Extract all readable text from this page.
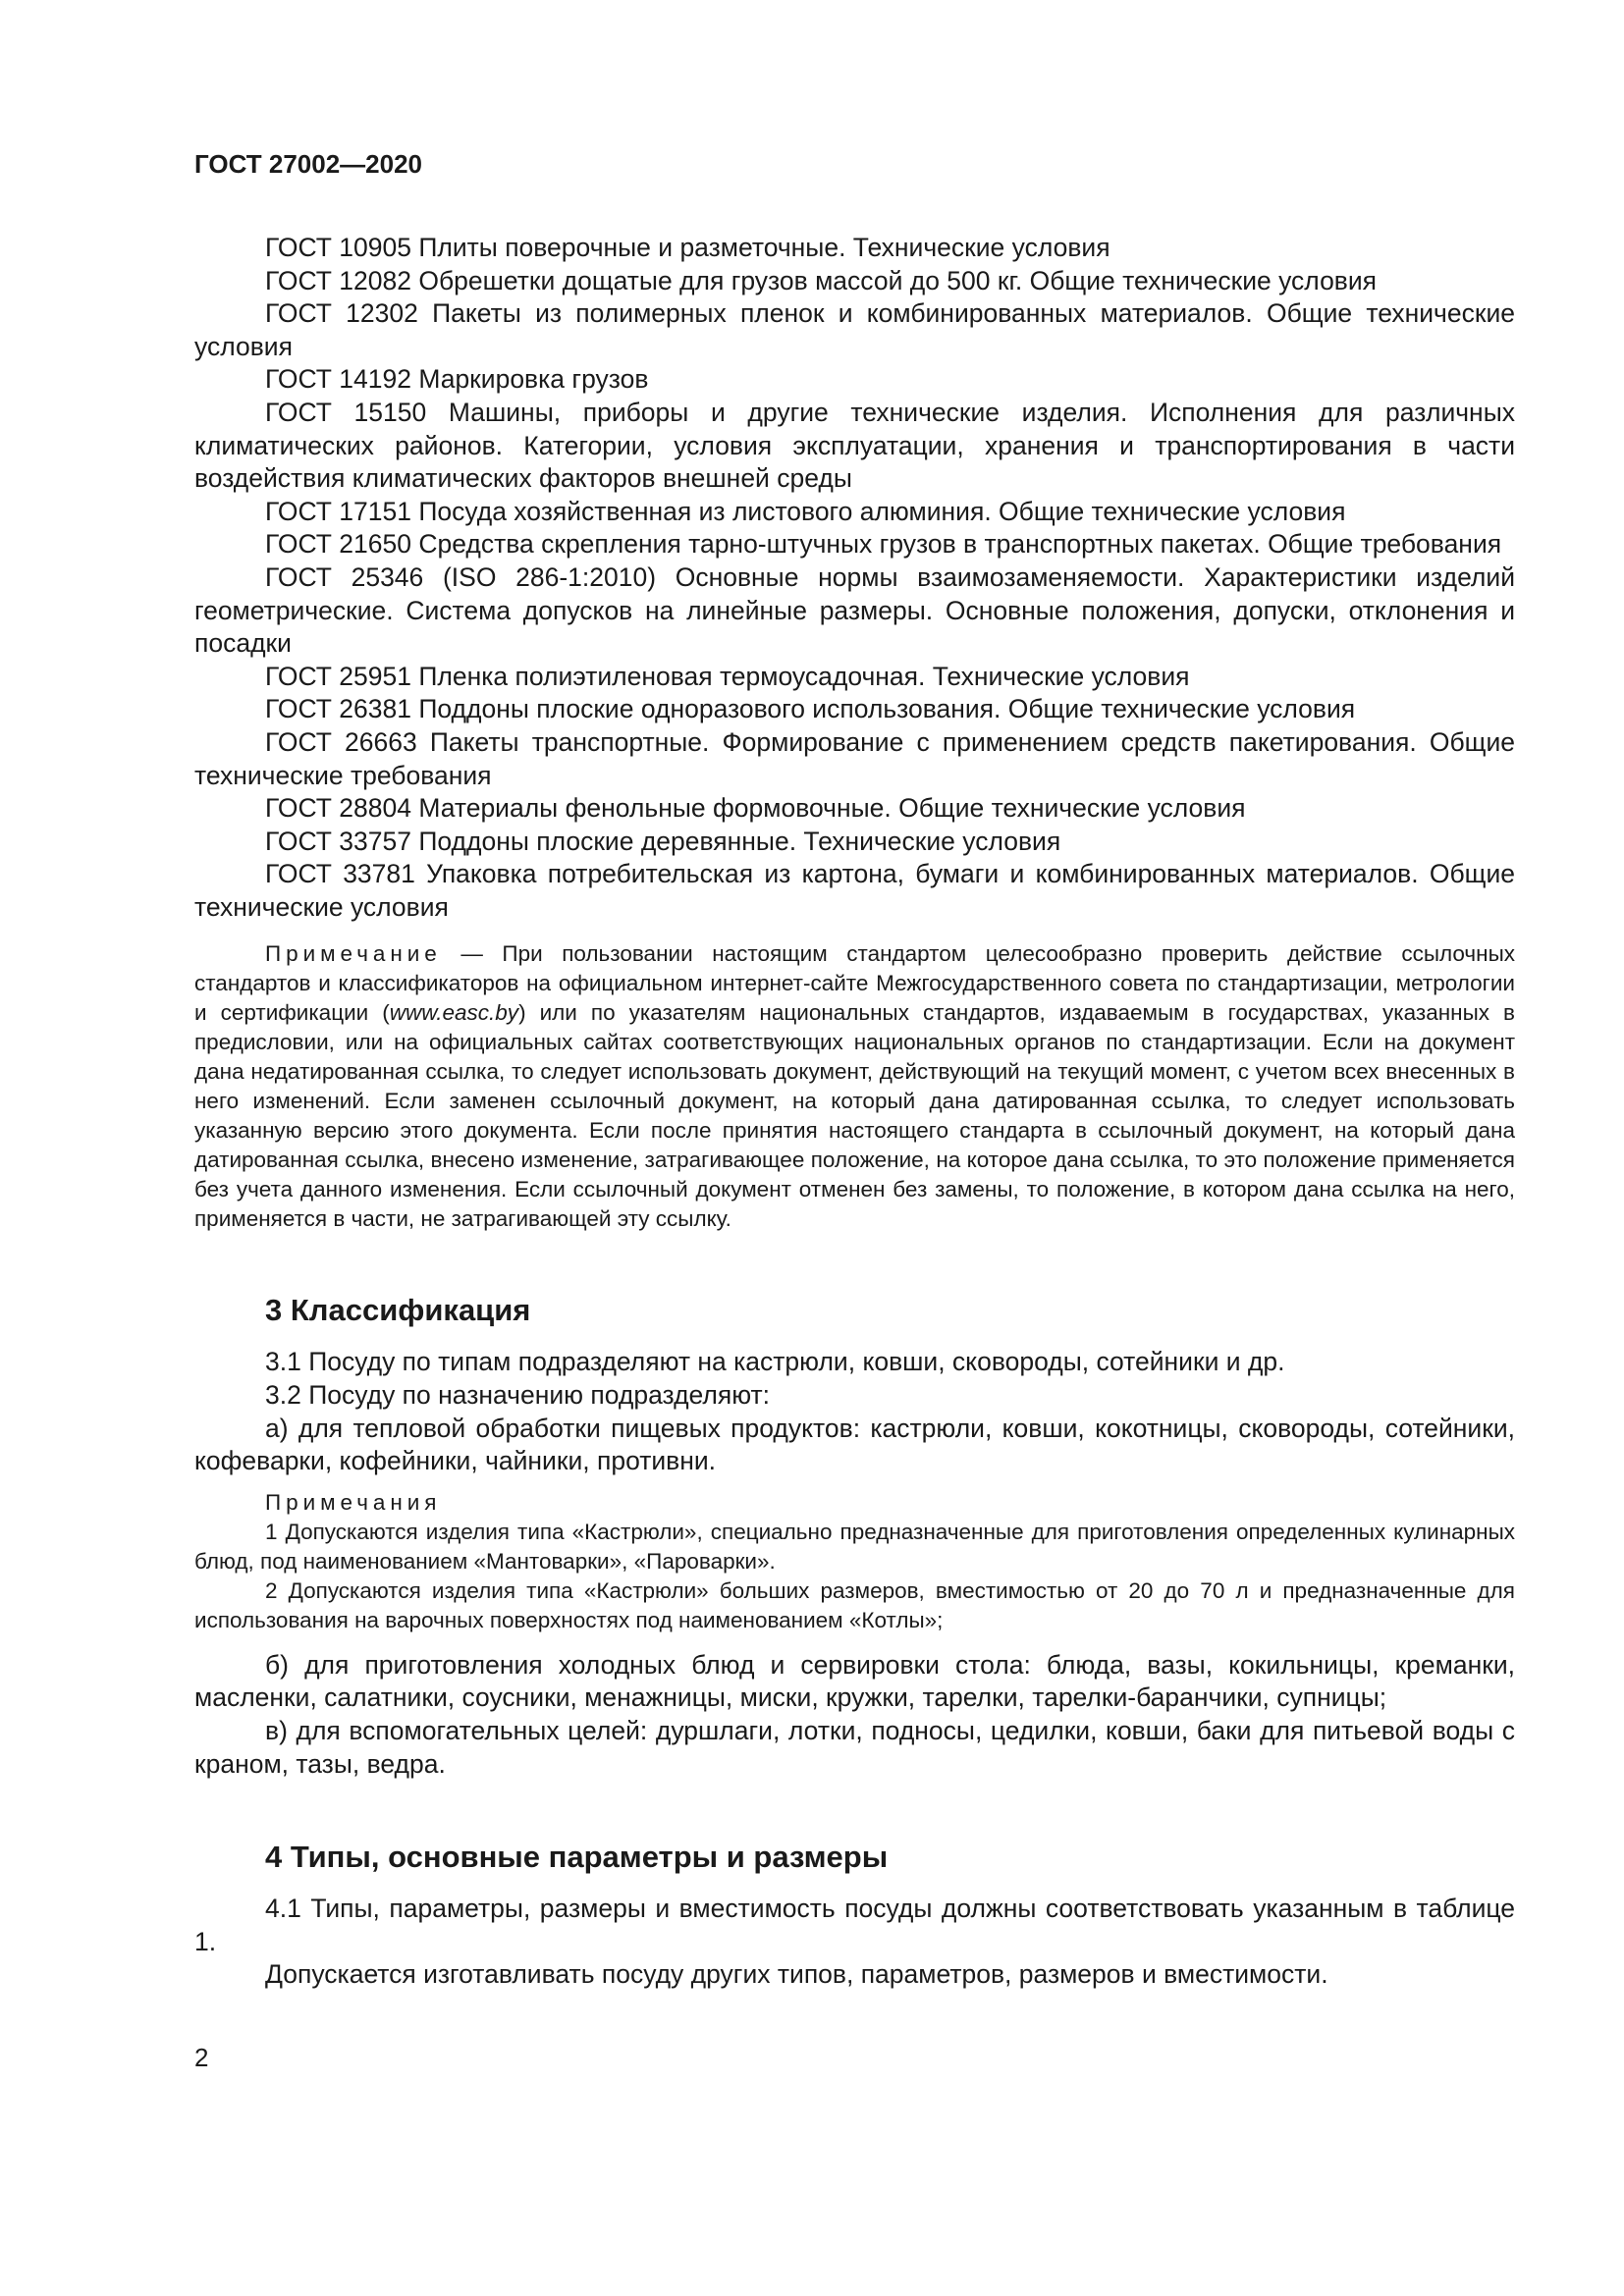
ГОСТ 27002—2020

ГОСТ 10905 Плиты поверочные и разметочные. Технические условия

ГОСТ 12082 Обрешетки дощатые для грузов массой до 500 кг. Общие технические условия

ГОСТ 12302 Пакеты из полимерных пленок и комбинированных материалов. Общие технические условия

ГОСТ 14192 Маркировка грузов

ГОСТ 15150 Машины, приборы и другие технические изделия. Исполнения для различных климатических районов. Категории, условия эксплуатации, хранения и транспортирования в части воздействия климатических факторов внешней среды

ГОСТ 17151 Посуда хозяйственная из листового алюминия. Общие технические условия

ГОСТ 21650 Средства скрепления тарно-штучных грузов в транспортных пакетах. Общие требования

ГОСТ 25346 (ISO 286-1:2010) Основные нормы взаимозаменяемости. Характеристики изделий геометрические. Система допусков на линейные размеры. Основные положения, допуски, отклонения и посадки

ГОСТ 25951 Пленка полиэтиленовая термоусадочная. Технические условия

ГОСТ 26381 Поддоны плоские одноразового использования. Общие технические условия

ГОСТ 26663 Пакеты транспортные. Формирование с применением средств пакетирования. Общие технические требования

ГОСТ 28804 Материалы фенольные формовочные. Общие технические условия

ГОСТ 33757 Поддоны плоские деревянные. Технические условия

ГОСТ 33781 Упаковка потребительская из картона, бумаги и комбинированных материалов. Общие технические условия

Примечание — При пользовании настоящим стандартом целесообразно проверить действие ссылочных стандартов и классификаторов на официальном интернет-сайте Межгосударственного совета по стандартизации, метрологии и сертификации (www.easc.by) или по указателям национальных стандартов, издаваемым в государствах, указанных в предисловии, или на официальных сайтах соответствующих национальных органов по стандартизации. Если на документ дана недатированная ссылка, то следует использовать документ, действующий на текущий момент, с учетом всех внесенных в него изменений. Если заменен ссылочный документ, на который дана датированная ссылка, то следует использовать указанную версию этого документа. Если после принятия настоящего стандарта в ссылочный документ, на который дана датированная ссылка, внесено изменение, затрагивающее положение, на которое дана ссылка, то это положение применяется без учета данного изменения. Если ссылочный документ отменен без замены, то положение, в котором дана ссылка на него, применяется в части, не затрагивающей эту ссылку.

3 Классификация

3.1 Посуду по типам подразделяют на кастрюли, ковши, сковороды, сотейники и др.

3.2 Посуду по назначению подразделяют:

а) для тепловой обработки пищевых продуктов: кастрюли, ковши, кокотницы, сковороды, сотейники, кофеварки, кофейники, чайники, противни.

Примечания

1 Допускаются изделия типа «Кастрюли», специально предназначенные для приготовления определенных кулинарных блюд, под наименованием «Мантоварки», «Пароварки».

2 Допускаются изделия типа «Кастрюли» больших размеров, вместимостью от 20 до 70 л и предназначенные для использования на варочных поверхностях под наименованием «Котлы»;

б) для приготовления холодных блюд и сервировки стола: блюда, вазы, кокильницы, креманки, масленки, салатники, соусники, менажницы, миски, кружки, тарелки, тарелки-баранчики, супницы;

в) для вспомогательных целей: дуршлаги, лотки, подносы, цедилки, ковши, баки для питьевой воды с краном, тазы, ведра.

4 Типы, основные параметры и размеры

4.1 Типы, параметры, размеры и вместимость посуды должны соответствовать указанным в таблице 1.

Допускается изготавливать посуду других типов, параметров, размеров и вместимости.

2
